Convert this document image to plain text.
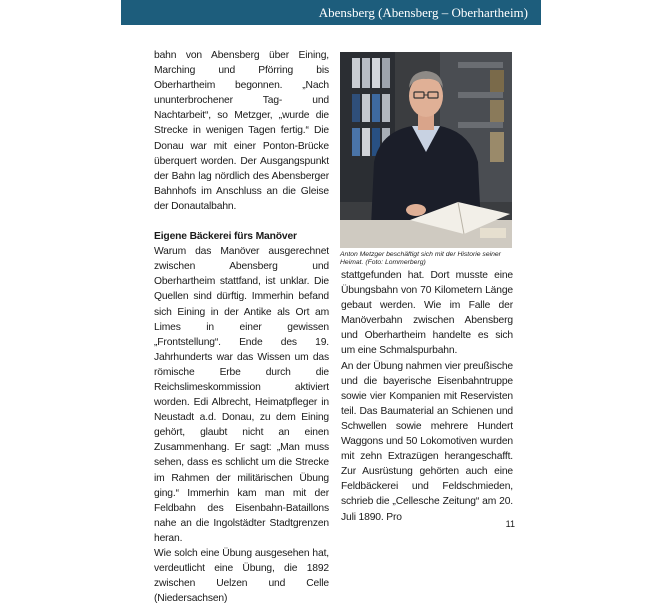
Abensberg (Abensberg – Oberhartheim)

bahn von Abensberg über Eining, Marching und Pförring bis Oberhartheim begonnen. „Nach ununterbrochener Tag- und Nachtarbeit“, so Metzger, „wurde die Strecke in wenigen Tagen fertig.“ Die Donau war mit einer Ponton-Brücke überquert worden. Der Ausgangspunkt der Bahn lag nördlich des Abensberger Bahnhofs im Anschluss an die Gleise der Donautalbahn.

Eigene Bäckerei fürs Manöver

Warum das Manöver ausgerechnet zwischen Abensberg und Oberhartheim stattfand, ist unklar. Die Quellen sind dürftig. Immerhin befand sich Eining in der Antike als Ort am Limes in einer gewissen „Frontstellung“. Ende des 19. Jahrhunderts war das Wissen um das römische Erbe durch die Reichslimeskommission aktiviert worden. Edi Albrecht, Heimatpfleger in Neustadt a.d. Donau, zu dem Eining gehört, glaubt nicht an einen Zusammenhang. Er sagt: „Man muss sehen, dass es schlicht um die Strecke im Rahmen der militärischen Übung ging.“ Immerhin kam man mit der Feldbahn des Eisenbahn-Bataillons nahe an die Ingolstädter Stadtgrenzen heran.

Wie solch eine Übung ausgesehen hat, verdeutlicht eine Übung, die 1892 zwischen Uelzen und Celle (Niedersachsen)

Anton Metzger beschäftigt sich mit der Historie seiner Heimat. (Foto: Lommerberg)

stattgefunden hat. Dort musste eine Übungsbahn von 70 Kilometern Länge gebaut werden. Wie im Falle der Manöverbahn zwischen Abensberg und Oberhartheim handelte es sich um eine Schmalspurbahn.

An der Übung nahmen vier preußische und die bayerische Eisenbahntruppe sowie vier Kompanien mit Reservisten teil. Das Baumaterial an Schienen und Schwellen sowie mehrere Hundert Waggons und 50 Lokomotiven wurden mit zehn Extrazügen herangeschafft. Zur Ausrüstung gehörten auch eine Feldbäckerei und Feldschmieden, schrieb die „Cellesche Zeitung“ am 20. Juli 1890. Pro

11
